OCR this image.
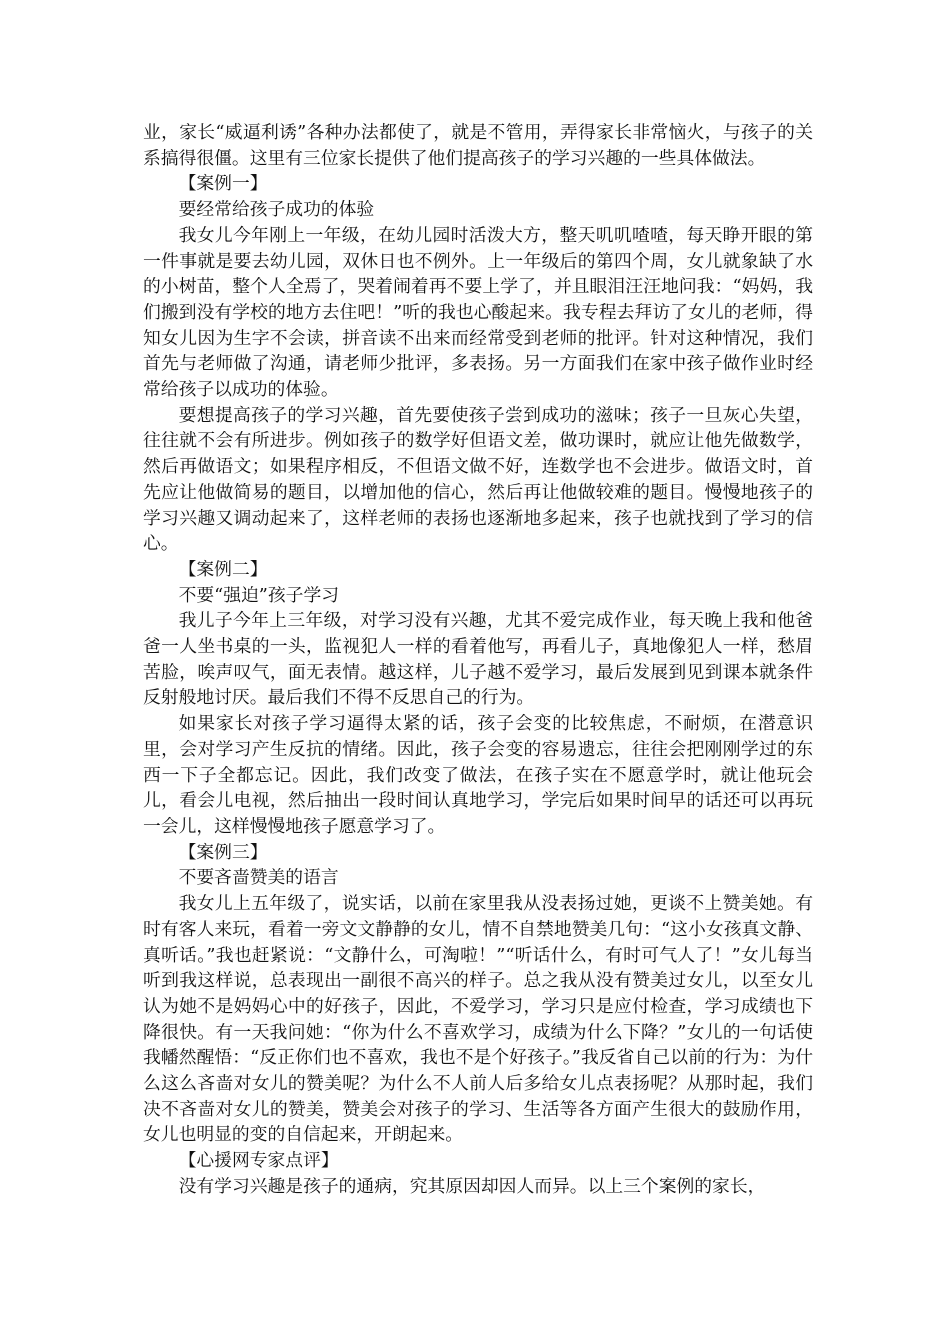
业，家长“威逼利诱”各种办法都使了，就是不管用，弄得家长非常恼火，与孩子的关系搞得很僵。这里有三位家长提供了他们提高孩子的学习兴趣的一些具体做法。

【案例一】

要经常给孩子成功的体验

我女儿今年刚上一年级，在幼儿园时活泼大方，整天叽叽喳喳，每天睁开眼的第一件事就是要去幼儿园，双休日也不例外。上一年级后的第四个周，女儿就象缺了水的小树苗，整个人全焉了，哭着闹着再不要上学了，并且眼泪汪汪地问我：“妈妈，我们搬到没有学校的地方去住吧！”听的我也心酸起来。我专程去拜访了女儿的老师，得知女儿因为生字不会读，拼音读不出来而经常受到老师的批评。针对这种情况，我们首先与老师做了沟通，请老师少批评，多表扬。另一方面我们在家中孩子做作业时经常给孩子以成功的体验。

要想提高孩子的学习兴趣，首先要使孩子尝到成功的滋味；孩子一旦灰心失望，往往就不会有所进步。例如孩子的数学好但语文差，做功课时，就应让他先做数学，然后再做语文；如果程序相反，不但语文做不好，连数学也不会进步。做语文时，首先应让他做简易的题目，以增加他的信心，然后再让他做较难的题目。慢慢地孩子的学习兴趣又调动起来了，这样老师的表扬也逐渐地多起来，孩子也就找到了学习的信心。

【案例二】

不要“强迫”孩子学习

我儿子今年上三年级，对学习没有兴趣，尤其不爱完成作业，每天晚上我和他爸爸一人坐书桌的一头，监视犯人一样的看着他写，再看儿子，真地像犯人一样，愁眉苦脸，唉声叹气，面无表情。越这样，儿子越不爱学习，最后发展到见到课本就条件反射般地讨厌。最后我们不得不反思自己的行为。

如果家长对孩子学习逼得太紧的话，孩子会变的比较焦虑，不耐烦，在潜意识里，会对学习产生反抗的情绪。因此，孩子会变的容易遗忘，往往会把刚刚学过的东西一下子全都忘记。因此，我们改变了做法，在孩子实在不愿意学时，就让他玩会儿，看会儿电视，然后抽出一段时间认真地学习，学完后如果时间早的话还可以再玩一会儿，这样慢慢地孩子愿意学习了。

【案例三】

不要吝啬赞美的语言

我女儿上五年级了，说实话，以前在家里我从没表扬过她，更谈不上赞美她。有时有客人来玩，看着一旁文文静静的女儿，情不自禁地赞美几句：“这小女孩真文静、真听话。”我也赶紧说：“文静什么，可淘啦！”“听话什么，有时可气人了！”女儿每当听到我这样说，总表现出一副很不高兴的样子。总之我从没有赞美过女儿，以至女儿认为她不是妈妈心中的好孩子，因此，不爱学习，学习只是应付检查，学习成绩也下降很快。有一天我问她：“你为什么不喜欢学习，成绩为什么下降？”女儿的一句话使我幡然醒悟：“反正你们也不喜欢，我也不是个好孩子。”我反省自己以前的行为：为什么这么吝啬对女儿的赞美呢？为什么不人前人后多给女儿点表扬呢？从那时起，我们决不吝啬对女儿的赞美，赞美会对孩子的学习、生活等各方面产生很大的鼓励作用，女儿也明显的变的自信起来，开朗起来。

【心援网专家点评】

没有学习兴趣是孩子的通病，究其原因却因人而异。以上三个案例的家长，
